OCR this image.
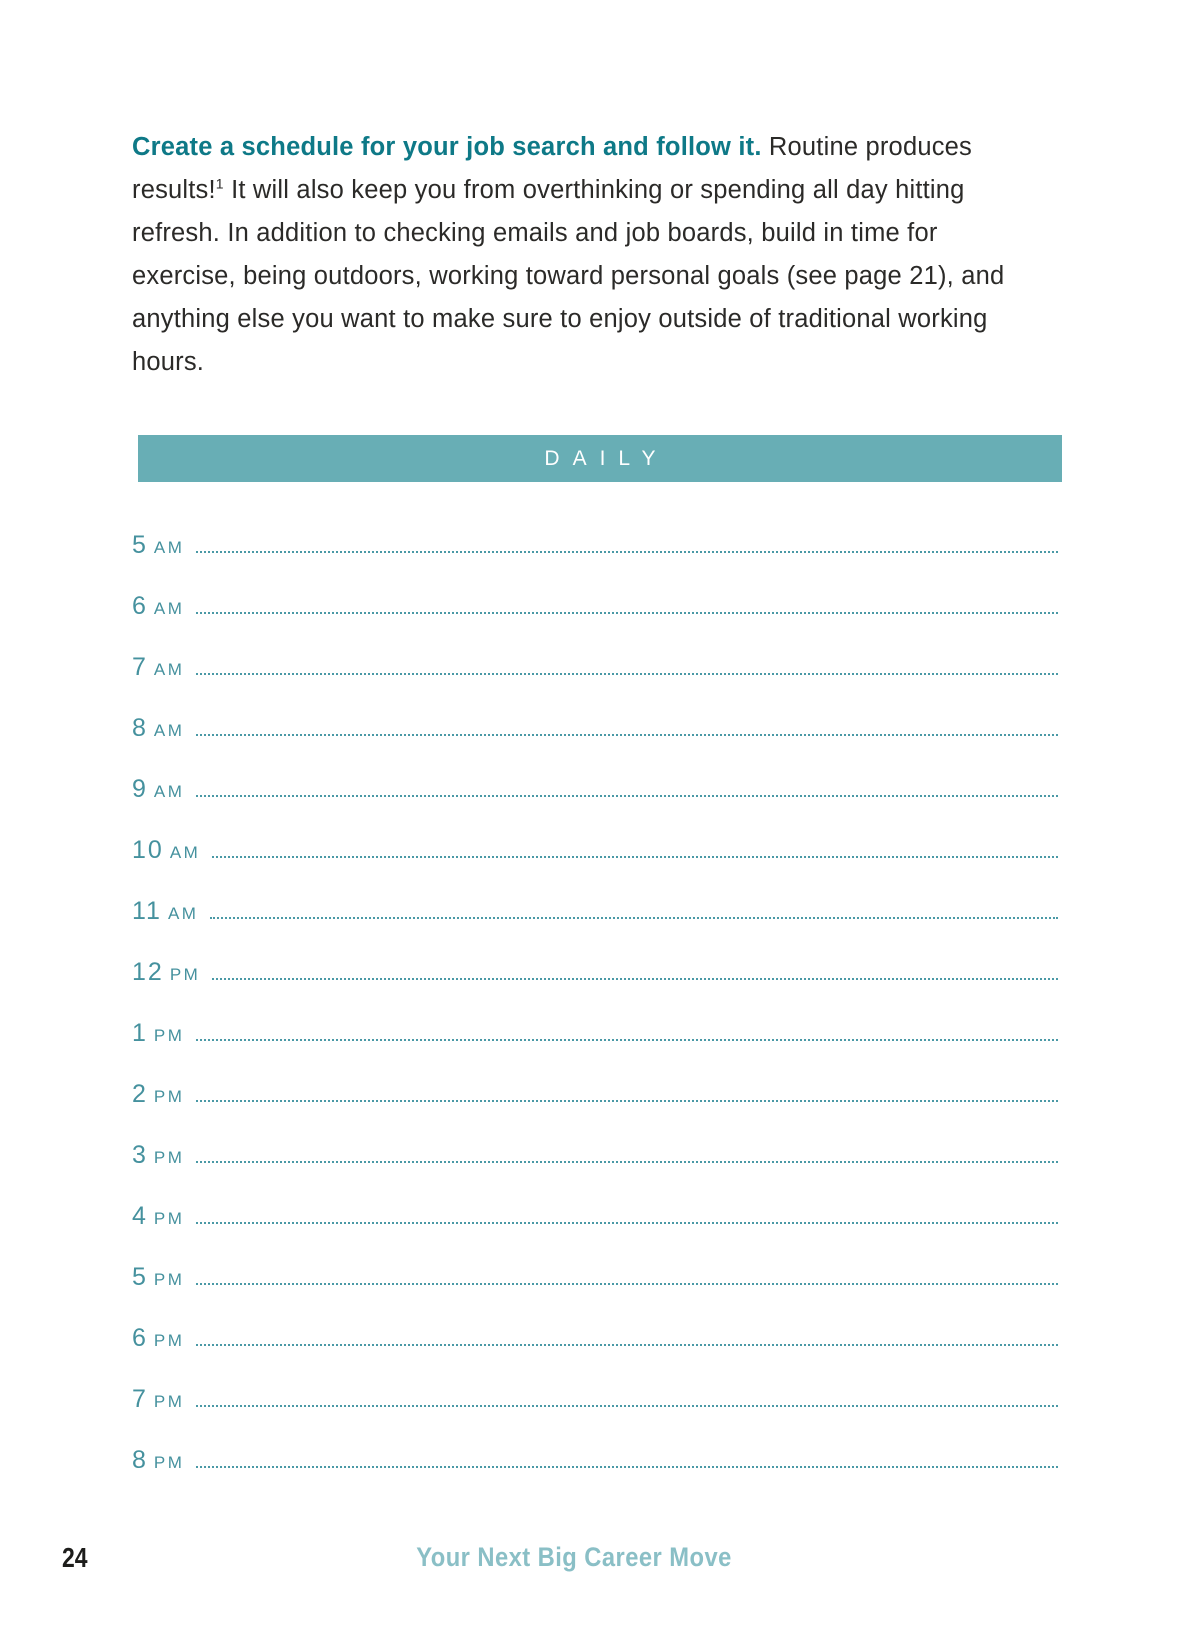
Create a schedule for your job search and follow it. Routine produces results!$^1$ It will also keep you from overthinking or spending all day hitting refresh. In addition to checking emails and job boards, build in time for exercise, being outdoors, working toward personal goals (see page 21), and anything else you want to make sure to enjoy outside of traditional working hours.

DAILY
5 AM
6 AM
7 AM
8 AM
9 AM
10 AM
11 AM
12 PM
1 PM
2 PM
3 PM
4 PM
5 PM
6 PM
7 PM
8 PM
24	Your Next Big Career Move
